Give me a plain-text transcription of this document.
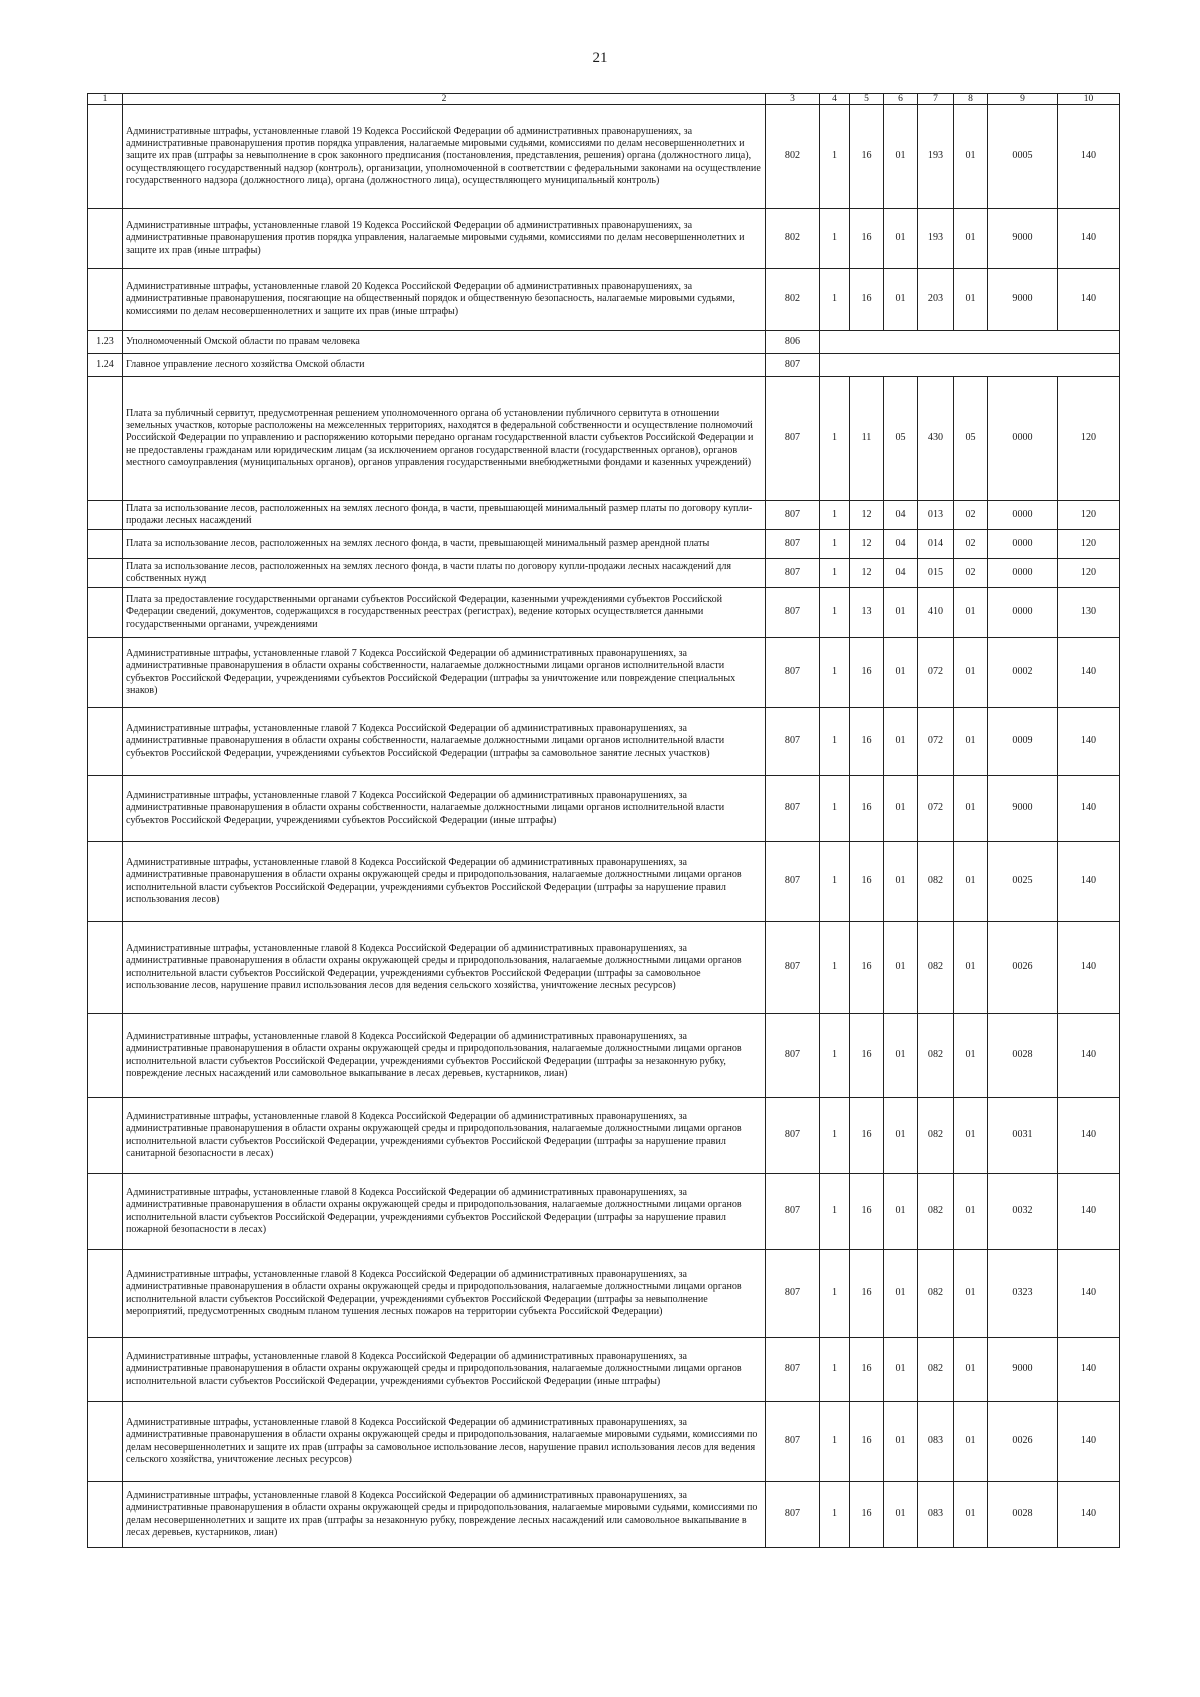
21
1	2	3	4	5	6	7	8	9	10
	Административные штрафы, установленные главой 19 Кодекса Российской Федерации об административных правонарушениях, за административные правонарушения против порядка управления, налагаемые мировыми судьями, комиссиями по делам несовершеннолетних и защите их прав (штрафы за невыполнение в срок законного предписания (постановления, представления, решения) органа (должностного лица), осуществляющего государственный надзор (контроль), организации, уполномоченной в соответствии с федеральными законами на осуществление государственного надзора (должностного лица), органа (должностного лица), осуществляющего муниципальный контроль)	802	1	16	01	193	01	0005	140
	Административные штрафы, установленные главой 19 Кодекса Российской Федерации об административных правонарушениях, за административные правонарушения против порядка управления, налагаемые мировыми судьями, комиссиями по делам несовершеннолетних и защите их прав (иные штрафы)	802	1	16	01	193	01	9000	140
	Административные штрафы, установленные главой 20 Кодекса Российской Федерации об административных правонарушениях, за административные правонарушения, посягающие на общественный порядок и общественную безопасность, налагаемые мировыми судьями, комиссиями по делам несовершеннолетних и защите их прав (иные штрафы)	802	1	16	01	203	01	9000	140
1.23	Уполномоченный Омской области по правам человека	806							
1.24	Главное управление лесного хозяйства Омской области	807							
	Плата за публичный сервитут, предусмотренная решением уполномоченного органа об установлении публичного сервитута в отношении земельных участков, которые расположены на межселенных территориях, находятся в федеральной собственности и осуществление полномочий Российской Федерации по управлению и распоряжению которыми передано органам государственной власти субъектов Российской Федерации и не предоставлены гражданам или юридическим лицам (за исключением органов государственной власти (государственных органов), органов местного самоуправления (муниципальных органов), органов управления государственными внебюджетными фондами и казенных учреждений)	807	1	11	05	430	05	0000	120
	Плата за использование лесов, расположенных на землях лесного фонда, в части, превышающей минимальный размер платы по договору купли-продажи лесных насаждений	807	1	12	04	013	02	0000	120
	Плата за использование лесов, расположенных на землях лесного фонда, в части, превышающей минимальный размер арендной платы	807	1	12	04	014	02	0000	120
	Плата за использование лесов, расположенных на землях лесного фонда, в части платы по договору купли-продажи лесных насаждений для собственных нужд	807	1	12	04	015	02	0000	120
	Плата за предоставление государственными органами субъектов Российской Федерации, казенными учреждениями субъектов Российской Федерации сведений, документов, содержащихся в государственных реестрах (регистрах), ведение которых осуществляется данными государственными органами, учреждениями	807	1	13	01	410	01	0000	130
	Административные штрафы, установленные главой 7 Кодекса Российской Федерации об административных правонарушениях, за административные правонарушения в области охраны собственности, налагаемые должностными лицами органов исполнительной власти субъектов Российской Федерации, учреждениями субъектов Российской Федерации (штрафы за уничтожение или повреждение специальных знаков)	807	1	16	01	072	01	0002	140
	Административные штрафы, установленные главой 7 Кодекса Российской Федерации об административных правонарушениях, за административные правонарушения в области охраны собственности, налагаемые должностными лицами органов исполнительной власти субъектов Российской Федерации, учреждениями субъектов Российской Федерации (штрафы за самовольное занятие лесных участков)	807	1	16	01	072	01	0009	140
	Административные штрафы, установленные главой 7 Кодекса Российской Федерации об административных правонарушениях, за административные правонарушения в области охраны собственности, налагаемые должностными лицами органов исполнительной власти субъектов Российской Федерации, учреждениями субъектов Российской Федерации (иные штрафы)	807	1	16	01	072	01	9000	140
	Административные штрафы, установленные главой 8 Кодекса Российской Федерации об административных правонарушениях, за административные правонарушения в области охраны окружающей среды и природопользования, налагаемые должностными лицами органов исполнительной власти субъектов Российской Федерации, учреждениями субъектов Российской Федерации (штрафы за нарушение правил использования лесов)	807	1	16	01	082	01	0025	140
	Административные штрафы, установленные главой 8 Кодекса Российской Федерации об административных правонарушениях, за административные правонарушения в области охраны окружающей среды и природопользования, налагаемые должностными лицами органов исполнительной власти субъектов Российской Федерации, учреждениями субъектов Российской Федерации (штрафы за самовольное использование лесов, нарушение правил использования лесов для ведения сельского хозяйства, уничтожение лесных ресурсов)	807	1	16	01	082	01	0026	140
	Административные штрафы, установленные главой 8 Кодекса Российской Федерации об административных правонарушениях, за административные правонарушения в области охраны окружающей среды и природопользования, налагаемые должностными лицами органов исполнительной власти субъектов Российской Федерации, учреждениями субъектов Российской Федерации (штрафы за незаконную рубку, повреждение лесных насаждений или самовольное выкапывание в лесах деревьев, кустарников, лиан)	807	1	16	01	082	01	0028	140
	Административные штрафы, установленные главой 8 Кодекса Российской Федерации об административных правонарушениях, за административные правонарушения в области охраны окружающей среды и природопользования, налагаемые должностными лицами органов исполнительной власти субъектов Российской Федерации, учреждениями субъектов Российской Федерации (штрафы за нарушение правил санитарной безопасности в лесах)	807	1	16	01	082	01	0031	140
	Административные штрафы, установленные главой 8 Кодекса Российской Федерации об административных правонарушениях, за административные правонарушения в области охраны окружающей среды и природопользования, налагаемые должностными лицами органов исполнительной власти субъектов Российской Федерации, учреждениями субъектов Российской Федерации (штрафы за нарушение правил пожарной безопасности в лесах)	807	1	16	01	082	01	0032	140
	Административные штрафы, установленные главой 8 Кодекса Российской Федерации об административных правонарушениях, за административные правонарушения в области охраны окружающей среды и природопользования, налагаемые должностными лицами органов исполнительной власти субъектов Российской Федерации, учреждениями субъектов Российской Федерации (штрафы за невыполнение мероприятий, предусмотренных сводным планом тушения лесных пожаров на территории субъекта Российской Федерации)	807	1	16	01	082	01	0323	140
	Административные штрафы, установленные главой 8 Кодекса Российской Федерации об административных правонарушениях, за административные правонарушения в области охраны окружающей среды и природопользования, налагаемые должностными лицами органов исполнительной власти субъектов Российской Федерации, учреждениями субъектов Российской Федерации (иные штрафы)	807	1	16	01	082	01	9000	140
	Административные штрафы, установленные главой 8 Кодекса Российской Федерации об административных правонарушениях, за административные правонарушения в области охраны окружающей среды и природопользования, налагаемые мировыми судьями, комиссиями по делам несовершеннолетних и защите их прав (штрафы за самовольное использование лесов, нарушение правил использования лесов для ведения сельского хозяйства, уничтожение лесных ресурсов)	807	1	16	01	083	01	0026	140
	Административные штрафы, установленные главой 8 Кодекса Российской Федерации об административных правонарушениях, за административные правонарушения в области охраны окружающей среды и природопользования, налагаемые мировыми судьями, комиссиями по делам несовершеннолетних и защите их прав (штрафы за незаконную рубку, повреждение лесных насаждений или самовольное выкапывание в лесах деревьев, кустарников, лиан)	807	1	16	01	083	01	0028	140
